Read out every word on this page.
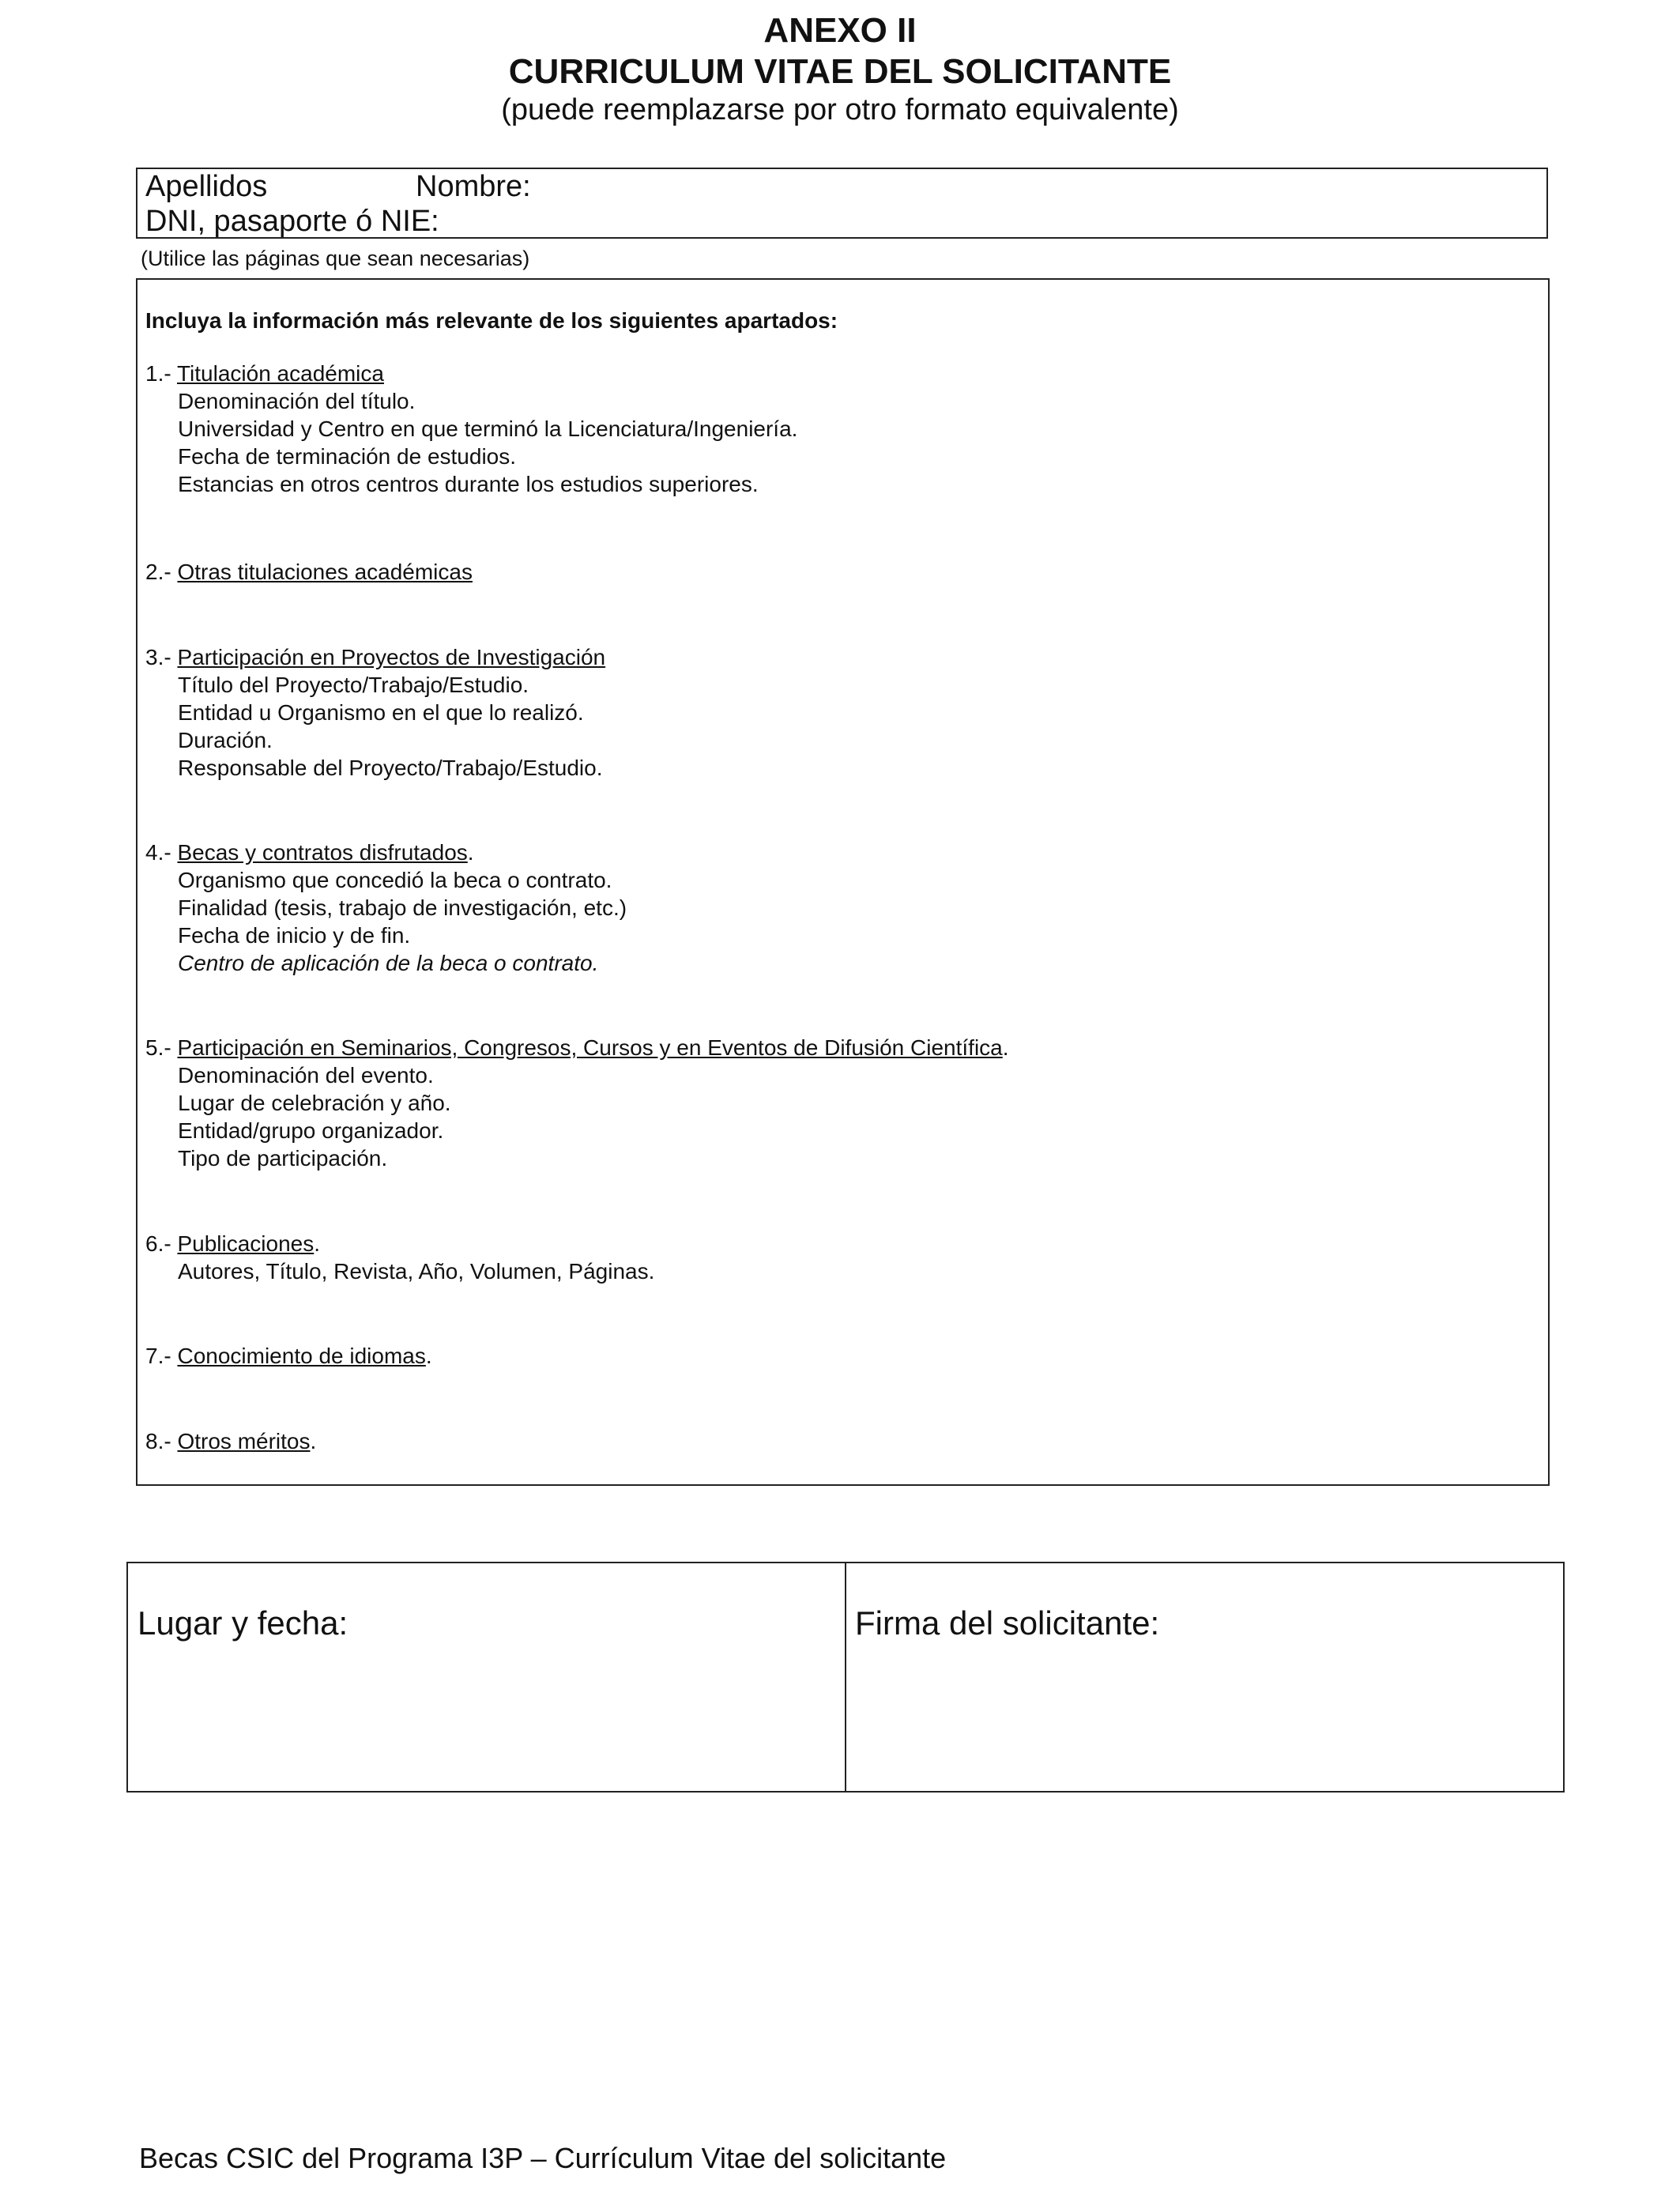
ANEXO II
CURRICULUM VITAE DEL SOLICITANTE
(puede reemplazarse por otro formato equivalente)
Apellidos	Nombre:
DNI, pasaporte ó NIE:
(Utilice las páginas que sean necesarias)
Incluya la información más relevante de los siguientes apartados:
1.- Titulación académica
Denominación del título.
Universidad y Centro en que terminó la Licenciatura/Ingeniería.
Fecha de terminación de estudios.
Estancias en otros centros durante los estudios superiores.
2.- Otras titulaciones académicas
3.- Participación en Proyectos de Investigación
Título del Proyecto/Trabajo/Estudio.
Entidad u Organismo en el que lo realizó.
Duración.
Responsable del Proyecto/Trabajo/Estudio.
4.- Becas y contratos disfrutados.
Organismo que concedió la beca o contrato.
Finalidad (tesis, trabajo de investigación, etc.)
Fecha de inicio y de fin.
Centro de aplicación de la beca o contrato.
5.- Participación en Seminarios, Congresos, Cursos y en Eventos de Difusión Científica.
Denominación del evento.
Lugar de celebración y año.
Entidad/grupo organizador.
Tipo de participación.
6.- Publicaciones.
Autores, Título, Revista, Año, Volumen, Páginas.
7.- Conocimiento de idiomas.
8.- Otros méritos.
Lugar y fecha:	Firma del solicitante:
Becas CSIC del Programa I3P – Currículum Vitae del solicitante
